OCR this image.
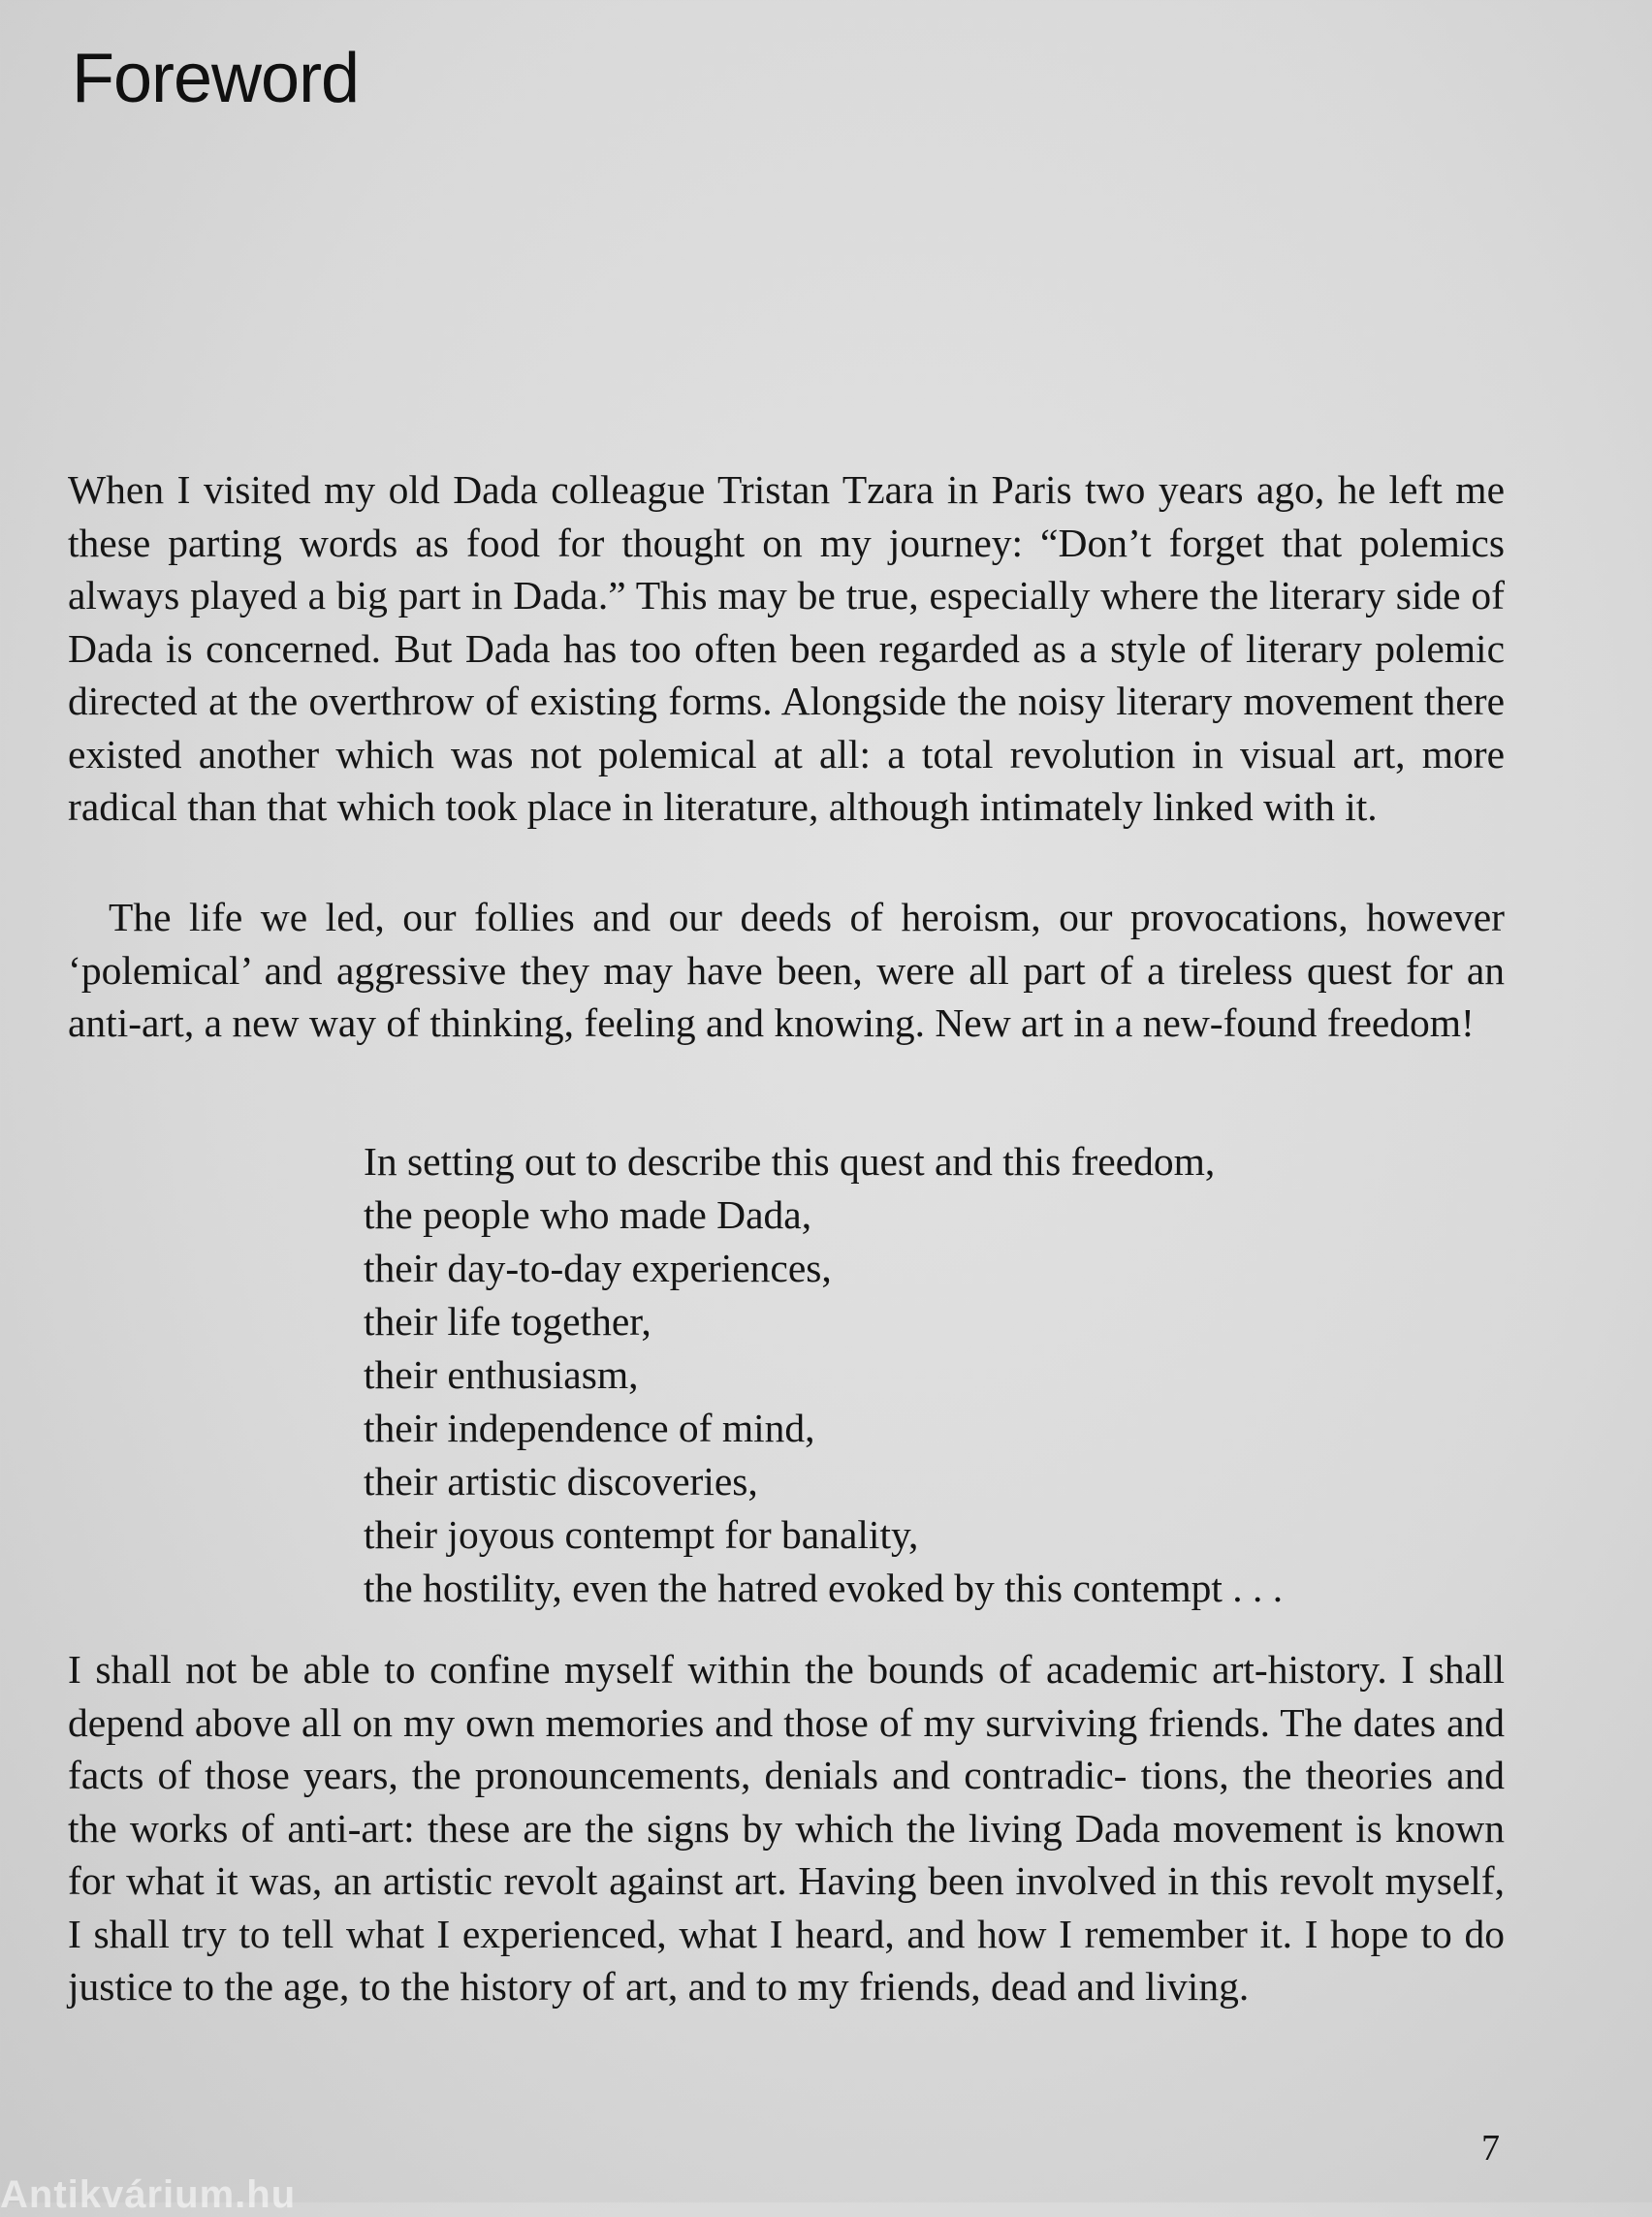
Foreword

When I visited my old Dada colleague Tristan Tzara in Paris two years ago, he left me these parting words as food for thought on my journey: “Don’t forget that polemics always played a big part in Dada.” This may be true, especially where the literary side of Dada is concerned. But Dada has too often been regarded as a style of literary polemic directed at the overthrow of existing forms. Alongside the noisy literary movement there existed another which was not polemical at all: a total revolution in visual art, more radical than that which took place in literature, although intimately linked with it.

The life we led, our follies and our deeds of heroism, our provocations, however ‘polemical’ and aggressive they may have been, were all part of a tireless quest for an anti-art, a new way of thinking, feeling and knowing. New art in a new-found freedom!

In setting out to describe this quest and this freedom,
the people who made Dada,
their day-to-day experiences,
their life together,
their enthusiasm,
their independence of mind,
their artistic discoveries,
their joyous contempt for banality,
the hostility, even the hatred evoked by this contempt . . .

I shall not be able to confine myself within the bounds of academic art-history. I shall depend above all on my own memories and those of my surviving friends. The dates and facts of those years, the pronouncements, denials and contradic- tions, the theories and the works of anti-art: these are the signs by which the living Dada movement is known for what it was, an artistic revolt against art. Having been involved in this revolt myself, I shall try to tell what I experienced, what I heard, and how I remember it. I hope to do justice to the age, to the history of art, and to my friends, dead and living.

7
Antikvárium.hu
